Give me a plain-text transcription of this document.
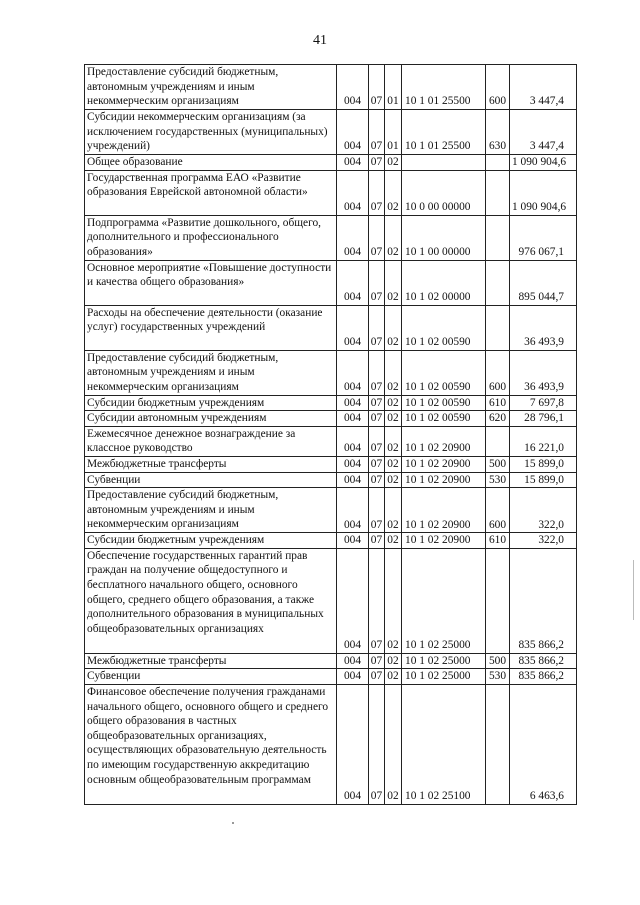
41
Предоставление субсидий бюджетным, автономным учреждениям и иным некоммерческим организациям	004	07	01	10 1 01 25500	600	3 447,4
Субсидии некоммерческим организациям (за исключением государственных (муниципальных) учреждений)	004	07	01	10 1 01 25500	630	3 447,4
Общее образование	004	07	02			1 090 904,6
Государственная программа ЕАО «Развитие образования Еврейской автономной области»	004	07	02	10 0 00 00000		1 090 904,6
Подпрограмма «Развитие дошкольного, общего, дополнительного и профессионального образования»	004	07	02	10 1 00 00000		976 067,1
Основное мероприятие «Повышение доступности и качества общего образования»	004	07	02	10 1 02 00000		895 044,7
Расходы на обеспечение деятельности (оказание услуг) государственных учреждений	004	07	02	10 1 02 00590		36 493,9
Предоставление субсидий бюджетным, автономным учреждениям и иным некоммерческим организациям	004	07	02	10 1 02 00590	600	36 493,9
Субсидии бюджетным учреждениям	004	07	02	10 1 02 00590	610	7 697,8
Субсидии автономным учреждениям	004	07	02	10 1 02 00590	620	28 796,1
Ежемесячное денежное вознаграждение за классное руководство	004	07	02	10 1 02 20900		16 221,0
Межбюджетные трансферты	004	07	02	10 1 02 20900	500	15 899,0
Субвенции	004	07	02	10 1 02 20900	530	15 899,0
Предоставление субсидий бюджетным, автономным учреждениям и иным некоммерческим организациям	004	07	02	10 1 02 20900	600	322,0
Субсидии бюджетным учреждениям	004	07	02	10 1 02 20900	610	322,0
Обеспечение государственных гарантий прав граждан на получение общедоступного и бесплатного начального общего, основного общего, среднего общего образования, а также дополнительного образования в муниципальных общеобразовательных организациях	004	07	02	10 1 02 25000		835 866,2
Межбюджетные трансферты	004	07	02	10 1 02 25000	500	835 866,2
Субвенции	004	07	02	10 1 02 25000	530	835 866,2
Финансовое обеспечение получения гражданами начального общего, основного общего и среднего общего образования в частных общеобразовательных организациях, осуществляющих образовательную деятельность по имеющим государственную аккредитацию основным общеобразовательным программам	004	07	02	10 1 02 25100		6 463,6
